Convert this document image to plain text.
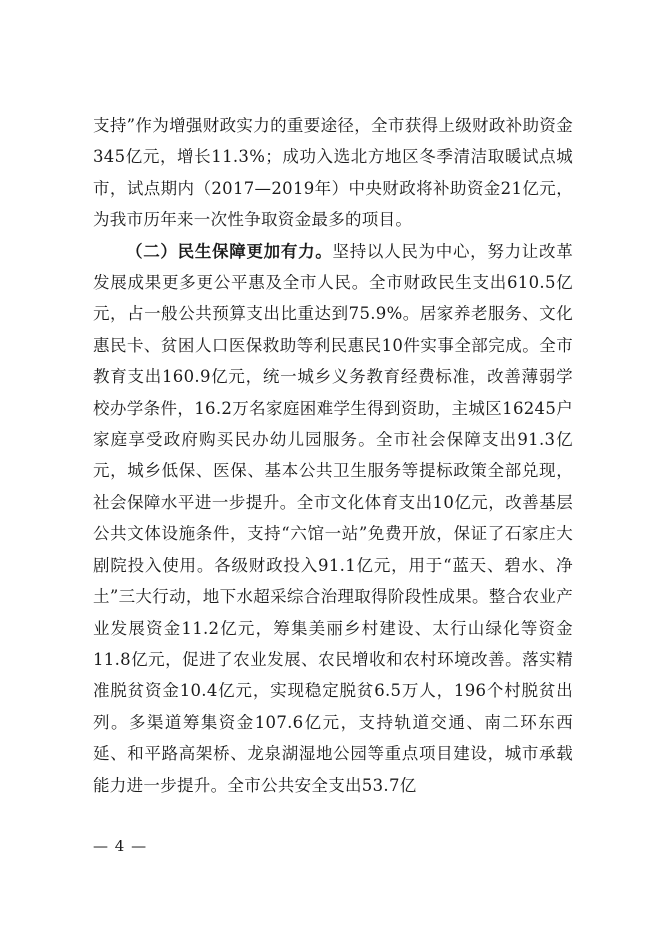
支持”作为增强财政实力的重要途径，全市获得上级财政补助资金345亿元，增长11.3%；成功入选北方地区冬季清洁取暖试点城市，试点期内（2017—2019年）中央财政将补助资金21亿元，为我市历年来一次性争取资金最多的项目。

（二）民生保障更加有力。坚持以人民为中心，努力让改革发展成果更多更公平惠及全市人民。全市财政民生支出610.5亿元，占一般公共预算支出比重达到75.9%。居家养老服务、文化惠民卡、贫困人口医保救助等利民惠民10件实事全部完成。全市教育支出160.9亿元，统一城乡义务教育经费标准，改善薄弱学校办学条件，16.2万名家庭困难学生得到资助，主城区16245户家庭享受政府购买民办幼儿园服务。全市社会保障支出91.3亿元，城乡低保、医保、基本公共卫生服务等提标政策全部兑现，社会保障水平进一步提升。全市文化体育支出10亿元，改善基层公共文体设施条件，支持“六馆一站”免费开放，保证了石家庄大剧院投入使用。各级财政投入91.1亿元，用于“蓝天、碧水、净土”三大行动，地下水超采综合治理取得阶段性成果。整合农业产业发展资金11.2亿元，筹集美丽乡村建设、太行山绿化等资金11.8亿元，促进了农业发展、农民增收和农村环境改善。落实精准脱贫资金10.4亿元，实现稳定脱贫6.5万人，196个村脱贫出列。多渠道筹集资金107.6亿元，支持轨道交通、南二环东西延、和平路高架桥、龙泉湖湿地公园等重点项目建设，城市承载能力进一步提升。全市公共安全支出53.7亿

— 4 —
